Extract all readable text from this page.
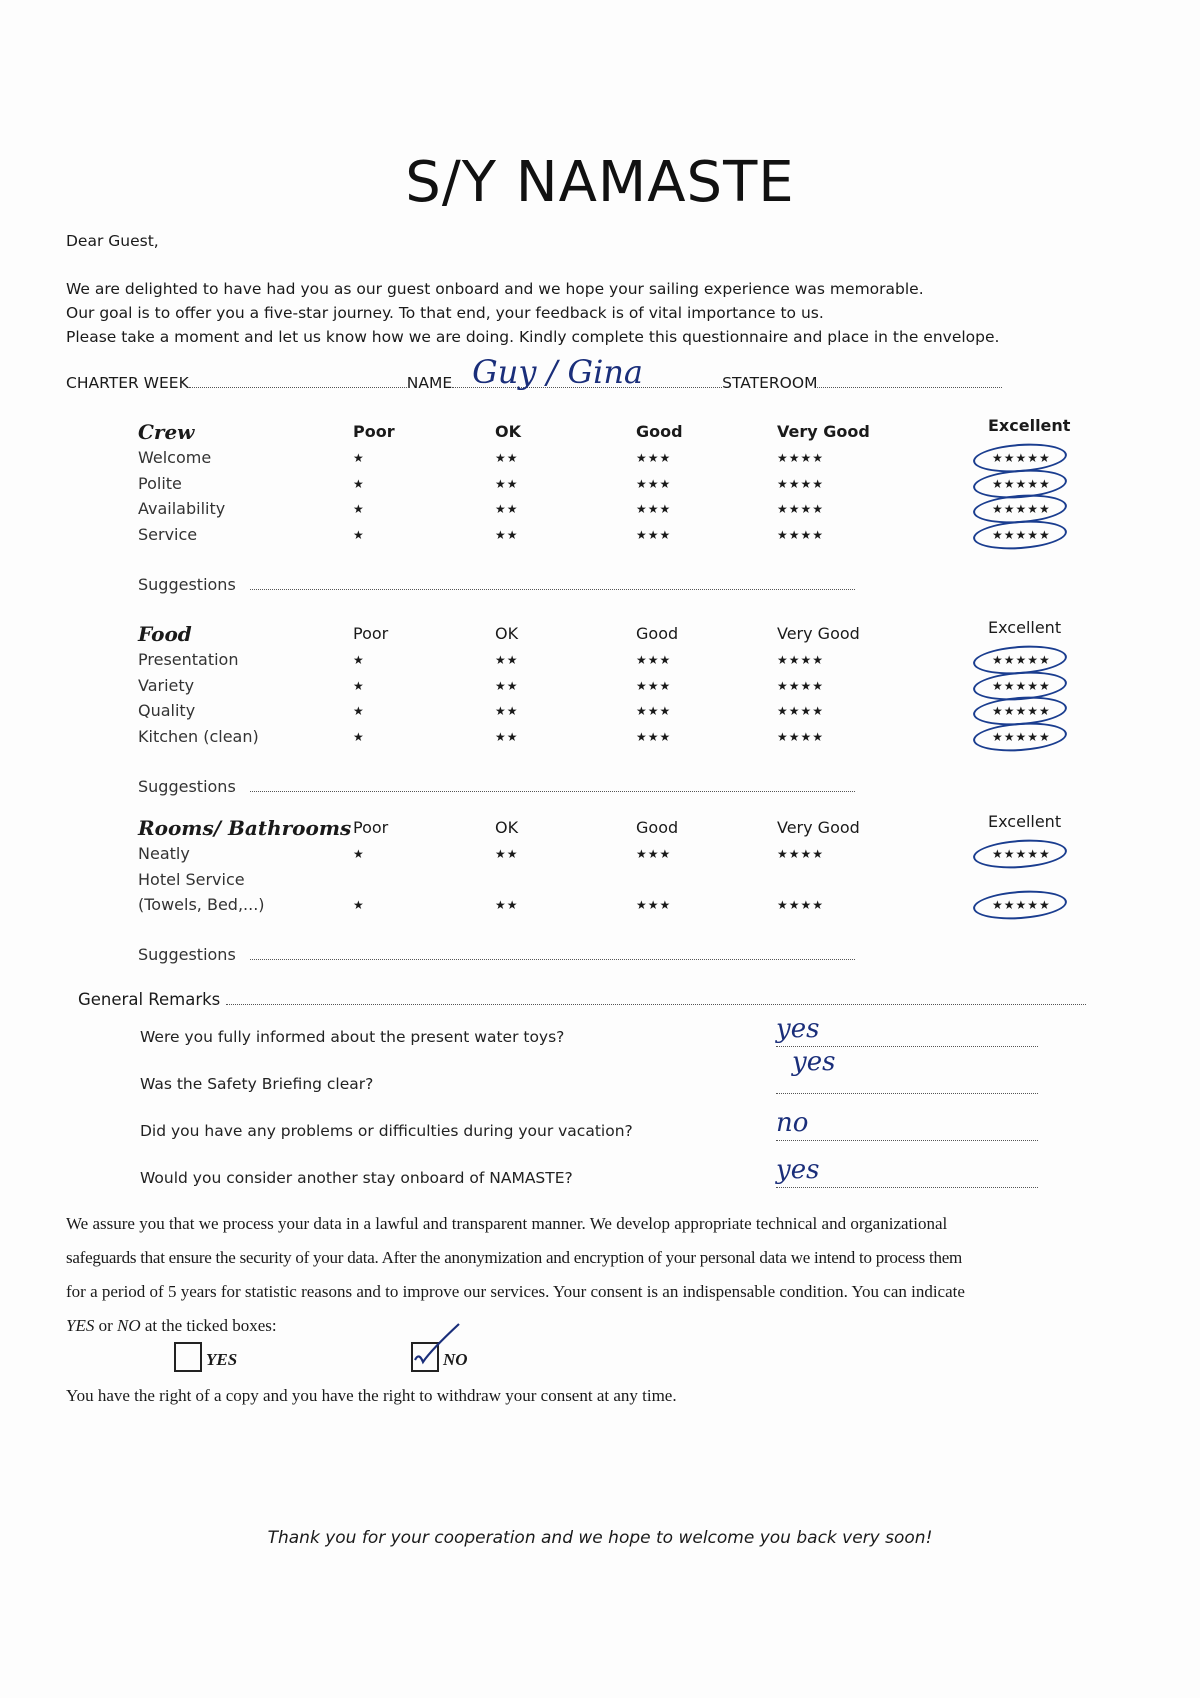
S/Y NAMASTE
Dear Guest,
We are delighted to have had you as our guest onboard and we hope your sailing experience was memorable.
Our goal is to offer you a five-star journey. To that end, your feedback is of vital importance to us.
Please take a moment and let us know how we are doing. Kindly complete this questionnaire and place in the envelope.
CHARTER WEEK	NAME Guy / Gina	STATEROOM
Crew	Poor	OK	Good	Very Good	Excellent
Welcome	★	★★	★★★	★★★★	★★★★★
Polite	★	★★	★★★	★★★★	★★★★★
Availability	★	★★	★★★	★★★★	★★★★★
Service	★	★★	★★★	★★★★	★★★★★
Suggestions
Food	Poor	OK	Good	Very Good	Excellent
Presentation	★	★★	★★★	★★★★	★★★★★
Variety	★	★★	★★★	★★★★	★★★★★
Quality	★	★★	★★★	★★★★	★★★★★
Kitchen (clean)	★	★★	★★★	★★★★	★★★★★
Suggestions
Rooms/ Bathrooms Poor	OK	Good	Very Good	Excellent
Neatly	★	★★	★★★	★★★★	★★★★★
Hotel Service
(Towels, Bed,...)	★	★★	★★★	★★★★	★★★★★
Suggestions
General Remarks
Were you fully informed about the present water toys?	yes
Was the Safety Briefing clear?
yes
Did you have any problems or difficulties during your vacation?	no
Would you consider another stay onboard of NAMASTE?	yes
We assure you that we process your data in a lawful and transparent manner. We develop appropriate technical and organizational
safeguards that ensure the security of your data. After the anonymization and encryption of your personal data we intend to process them
for a period of 5 years for statistic reasons and to improve our services. Your consent is an indispensable condition. You can indicate
YES or NO at the ticked boxes:
YES	NO
You have the right of a copy and you have the right to withdraw your consent at any time.
Thank you for your cooperation and we hope to welcome you back very soon!
